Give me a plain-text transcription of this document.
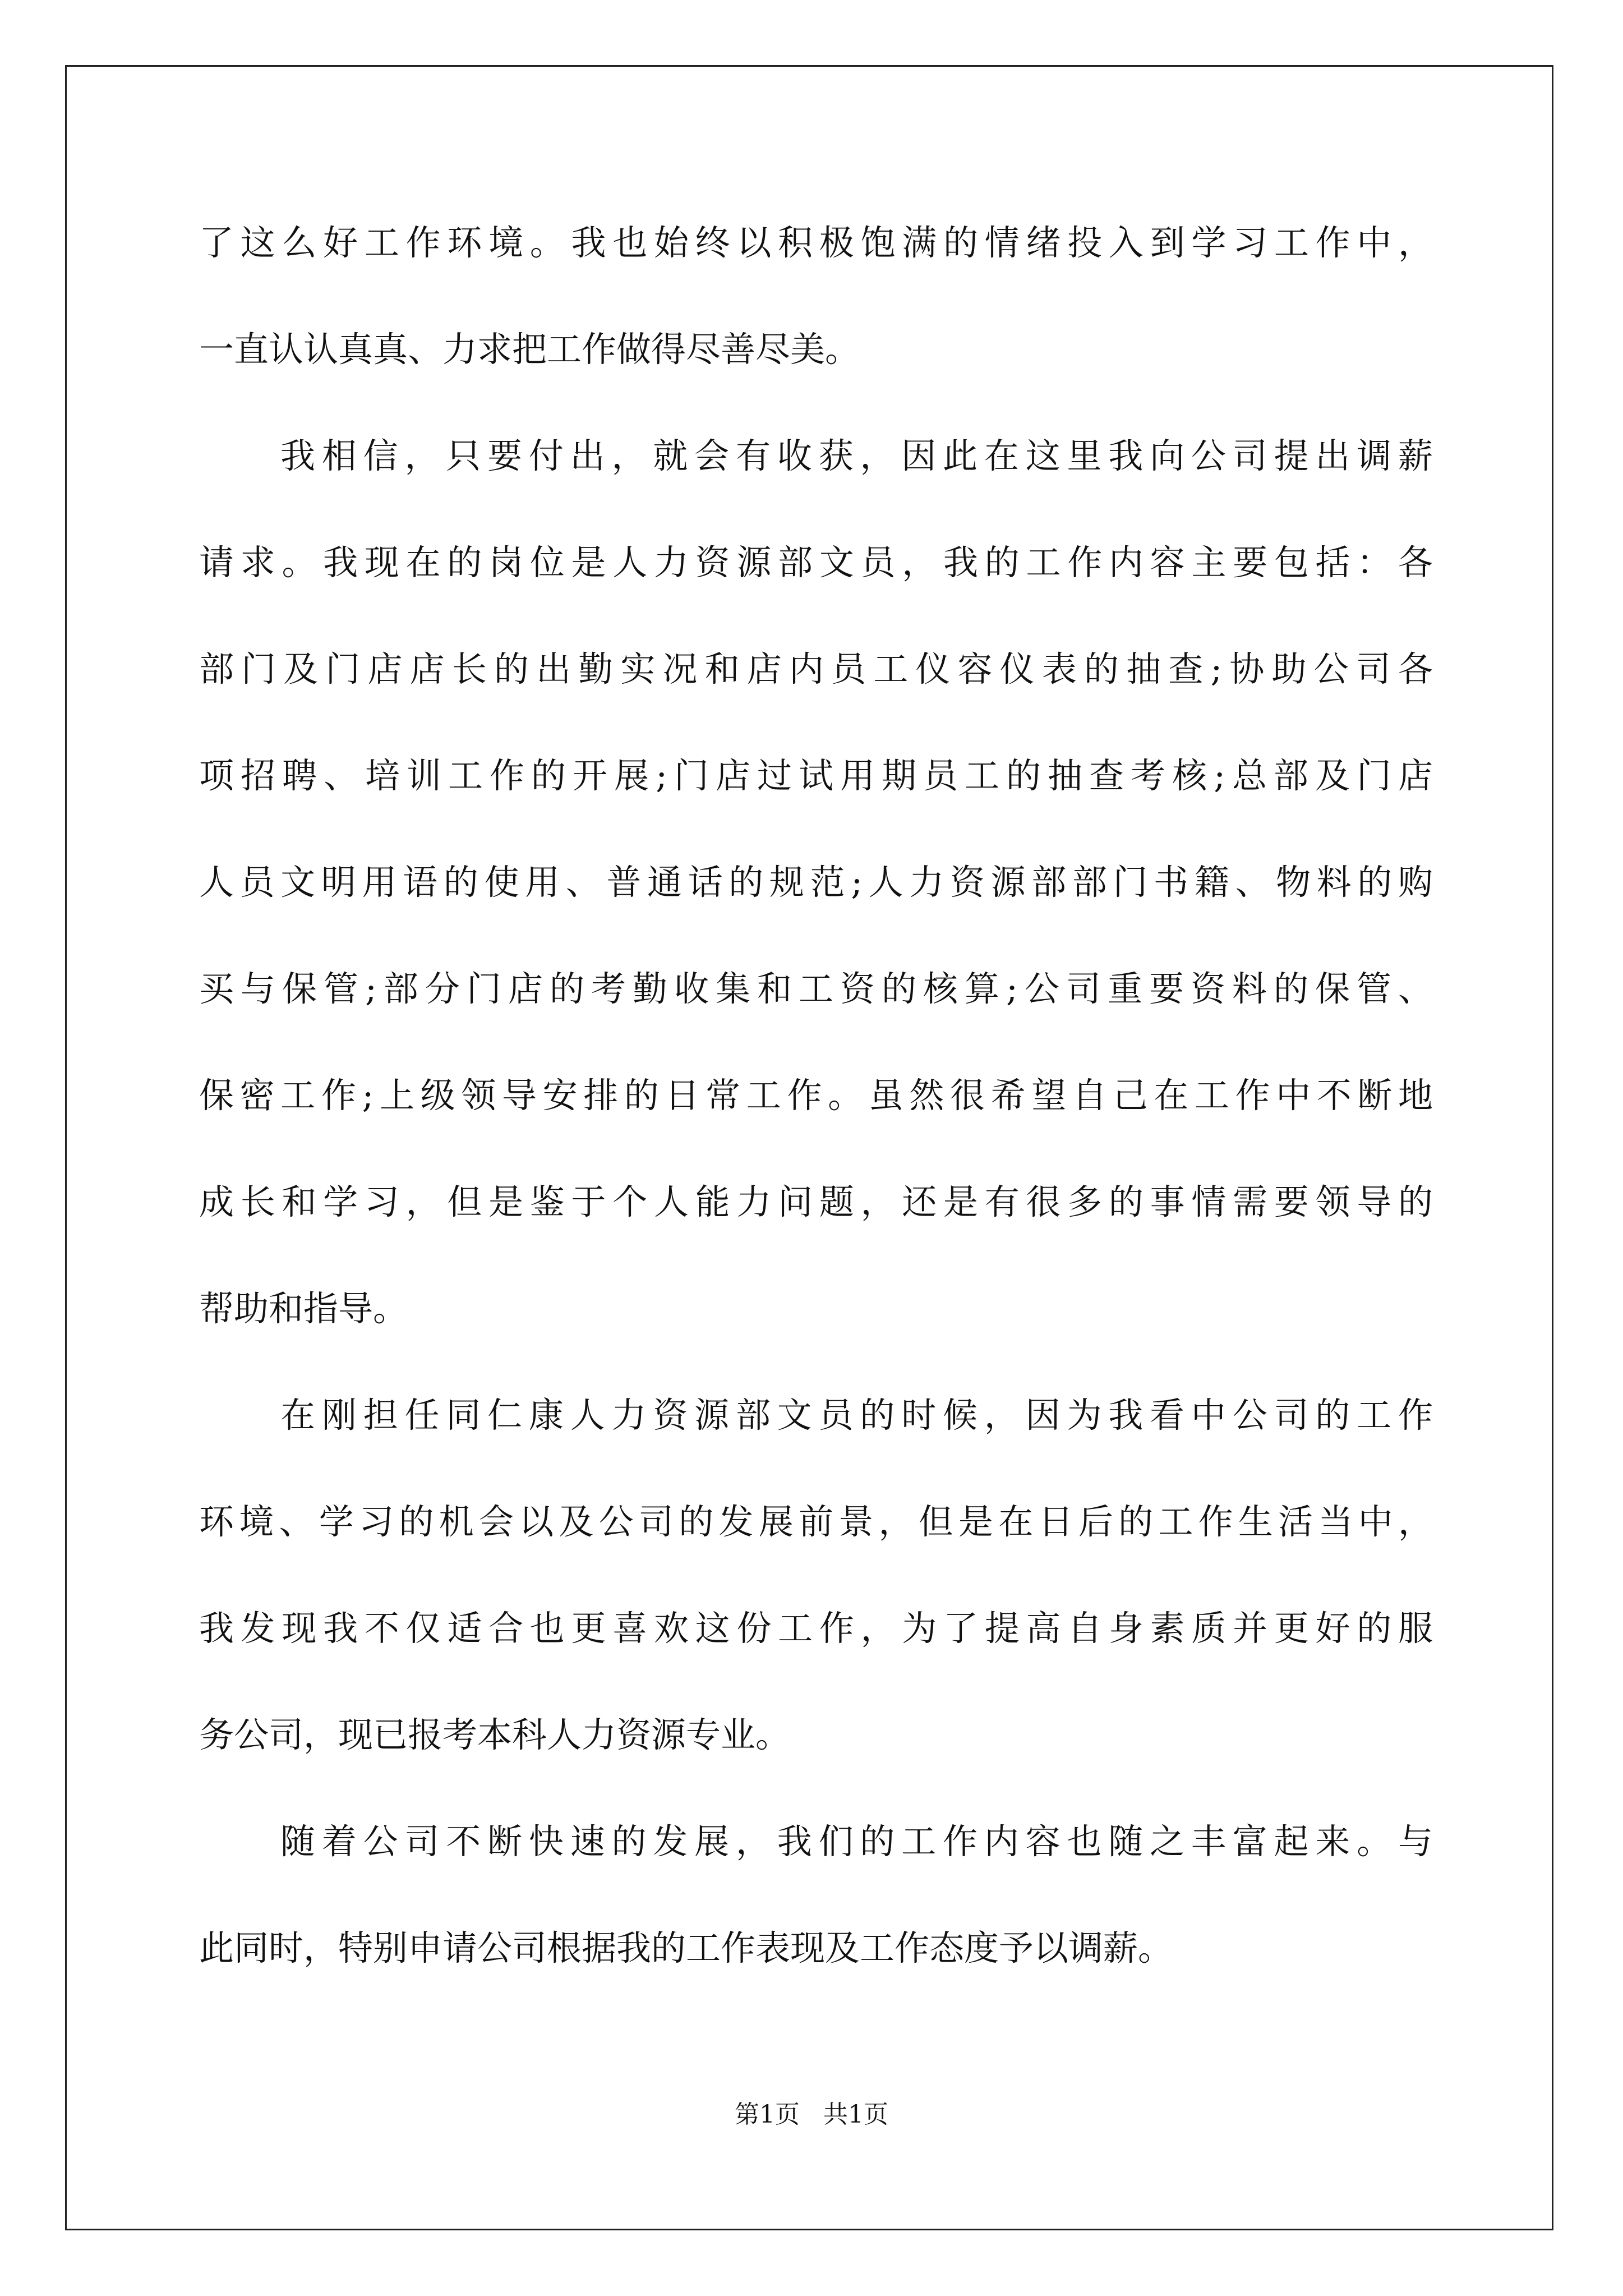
了这么好工作环境。我也始终以积极饱满的情绪投入到学习工作中，
一直认认真真、力求把工作做得尽善尽美。
我相信，只要付出，就会有收获，因此在这里我向公司提出调薪
请求。我现在的岗位是人力资源部文员，我的工作内容主要包括：各
部门及门店店长的出勤实况和店内员工仪容仪表的抽查;协助公司各
项招聘、培训工作的开展;门店过试用期员工的抽查考核;总部及门店
人员文明用语的使用、普通话的规范;人力资源部部门书籍、物料的购
买与保管;部分门店的考勤收集和工资的核算;公司重要资料的保管、
保密工作;上级领导安排的日常工作。虽然很希望自己在工作中不断地
成长和学习，但是鉴于个人能力问题，还是有很多的事情需要领导的
帮助和指导。
在刚担任同仁康人力资源部文员的时候，因为我看中公司的工作
环境、学习的机会以及公司的发展前景，但是在日后的工作生活当中，
我发现我不仅适合也更喜欢这份工作，为了提高自身素质并更好的服
务公司，现已报考本科人力资源专业。
随着公司不断快速的发展，我们的工作内容也随之丰富起来。与
此同时，特别申请公司根据我的工作表现及工作态度予以调薪。
第1页   共1页
